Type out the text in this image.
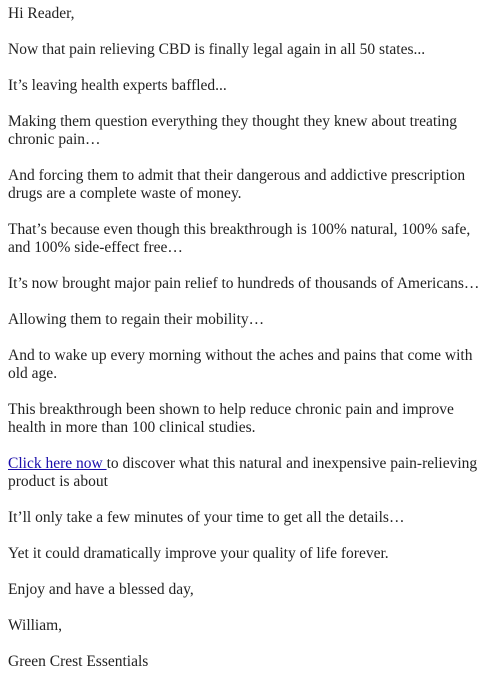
Hi Reader,

Now that pain relieving CBD is finally legal again in all 50 states...

It’s leaving health experts baffled...

Making them question everything they thought they knew about treating chronic pain…

And forcing them to admit that their dangerous and addictive prescription drugs are a complete waste of money.

That’s because even though this breakthrough is 100% natural, 100% safe, and 100% side-effect free…

It’s now brought major pain relief to hundreds of thousands of Americans…

Allowing them to regain their mobility…

And to wake up every morning without the aches and pains that come with old age.

This breakthrough been shown to help reduce chronic pain and improve health in more than 100 clinical studies.

Click here now to discover what this natural and inexpensive pain-relieving product is about

It’ll only take a few minutes of your time to get all the details…

Yet it could dramatically improve your quality of life forever.

Enjoy and have a blessed day,

William,

Green Crest Essentials
